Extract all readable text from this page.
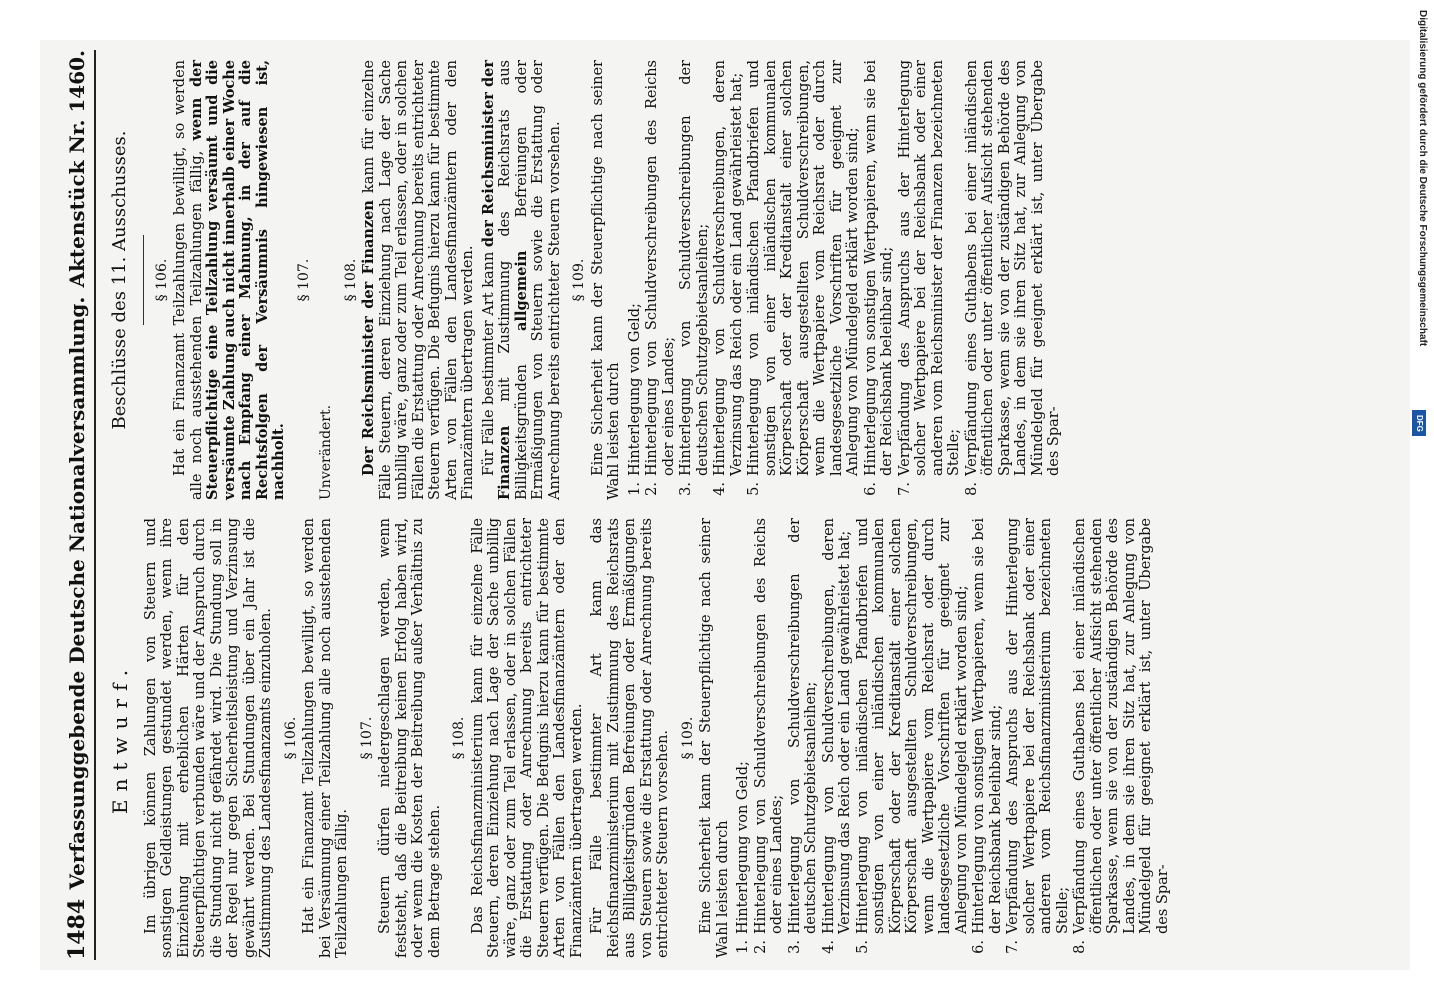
1484
Verfassunggebende Deutsche Nationalversammlung.
Aktenstück Nr. 1460.
Entwurf. Im übrigen können Zahlungen von Steuern und sonstigen Geldleistungen gestundet werden, wenn ihre Einziehung mit erheblichen Härten für den Steuerpflichtigen verbunden wäre und der Anspruch durch die Stundung nicht gefährdet wird. Die Stundung soll in der Regel nur gegen Sicherheitsleistung und Verzinsung gewährt werden. Bei Stundungen über ein Jahr ist die Zustimmung des Landesfinanzamts einzuholen. § 106. Hat ein Finanzamt Teilzahlungen bewilligt, so werden bei Versäumung einer Teilzahlung alle noch ausstehenden Teilzahlungen fällig.

§ 107. Steuern dürfen niedergeschlagen werden, wenn feststeht, daß die Beitreibung keinen Erfolg haben wird, oder wenn die Kosten der Beitreibung außer Verhältnis zu dem Betrage stehen.

§ 108. Das Reichsfinanzministerium kann für einzelne Fälle Steuern, deren Einziehung nach Lage der Sache unbillig wäre, ganz oder zum Teil erlassen, oder in solchen Fällen die Erstattung oder Anrechnung bereits entrichteter Steuern verfügen. Die Befugnis hierzu kann für bestimmte Arten von Fällen den Landesfinanzämtern oder den Finanzämtern übertragen werden. Für Fälle bestimmter Art kann das Reichsfinanzministerium mit Zustimmung des Reichsrats aus Billigkeitsgründen Befreiungen oder Ermäßigungen von Steuern sowie die Erstattung oder Anrechnung bereits entrichteter Steuern vorsehen. § 109. Eine Sicherheit kann der Steuerpflichtige nach seiner Wahl leisten durch 1.
Hinterlegung von Geld;
2.
Hinterlegung von Schuldverschreibungen des Reichs oder eines Landes;
3.
Hinterlegung von Schuldverschreibungen der deutschen Schutzgebietsanleihen;
4.
Hinterlegung von Schuldverschreibungen, deren Verzinsung das Reich oder ein Land gewährleistet hat;
5.
Hinterlegung von inländischen Pfandbriefen und sonstigen von einer inländischen kommunalen Körperschaft oder der Kreditanstalt einer solchen Körperschaft ausgestellten Schuldverschreibungen, wenn die Wertpapiere vom Reichsrat oder durch landesgesetzliche Vorschriften für geeignet zur Anlegung von Mündelgeld erklärt worden sind;
6.
Hinterlegung von sonstigen Wertpapieren, wenn sie bei der Reichsbank beleihbar sind;
7.
Verpfändung des Anspruchs aus der Hinterlegung solcher Wertpapiere bei der Reichsbank oder einer anderen vom Reichsfinanzministerium bezeichneten Stelle;
8.
Verpfändung eines Guthabens bei einer inländischen öffentlichen oder unter öffentlicher Aufsicht stehenden Sparkasse, wenn sie von der zuständigen Behörde des Landes, in dem sie ihren Sitz hat, zur Anlegung von Mündelgeld für geeignet erklärt ist, unter Übergabe des Spar-
Beschlüsse des 11. Ausschusses. § 106. Hat ein Finanzamt Teilzahlungen bewilligt, so werden alle noch ausstehenden Teilzahlungen fällig, wenn der Steuerpflichtige eine Teilzahlung versäumt und die versäumte Zahlung auch nicht innerhalb einer Woche nach Empfang einer Mahnung, in der auf die Rechtsfolgen der Versäumnis hingewiesen ist, nachholt.

§ 107.

Unverändert.

§ 108. Der Reichsminister der Finanzen kann für einzelne Fälle Steuern, deren Einziehung nach Lage der Sache unbillig wäre, ganz oder zum Teil erlassen, oder in solchen Fällen die Erstattung oder Anrechnung bereits entrichteter Steuern verfügen. Die Befugnis hierzu kann für bestimmte Arten von Fällen den Landesfinanzämtern oder den Finanzämtern übertragen werden. Für Fälle bestimmter Art kann der Reichsminister der Finanzen mit Zustimmung des Reichsrats aus Billigkeitsgründen allgemein Befreiungen oder Ermäßigungen von Steuern sowie die Erstattung oder Anrechnung bereits entrichteter Steuern vorsehen. § 109. Eine Sicherheit kann der Steuerpflichtige nach seiner Wahl leisten durch 1.
Hinterlegung von Geld;
2.
Hinterlegung von Schuldverschreibungen des Reichs oder eines Landes;
3.
Hinterlegung von Schuldverschreibungen der deutschen Schutzgebietsanleihen;
4.
Hinterlegung von Schuldverschreibungen, deren Verzinsung das Reich oder ein Land gewährleistet hat;
5.
Hinterlegung von inländischen Pfandbriefen und sonstigen von einer inländischen kommunalen Körperschaft oder der Kreditanstalt einer solchen Körperschaft ausgestellten Schuldverschreibungen, wenn die Wertpapiere vom Reichsrat oder durch landesgesetzliche Vorschriften für geeignet zur Anlegung von Mündelgeld erklärt worden sind;
6.
Hinterlegung von sonstigen Wertpapieren, wenn sie bei der Reichsbank beleihbar sind;
7.
Verpfändung des Anspruchs aus der Hinterlegung solcher Wertpapiere bei der Reichsbank oder einer anderen vom Reichsminister der Finanzen bezeichneten Stelle;
8.
Verpfändung eines Guthabens bei einer inländischen öffentlichen oder unter öffentlicher Aufsicht stehenden Sparkasse, wenn sie von der zuständigen Behörde des Landes, in dem sie ihren Sitz hat, zur Anlegung von Mündelgeld für geeignet erklärt ist, unter Übergabe des Spar-
Digitalisierung gefördert durch die Deutsche Forschungsgemeinschaft
DFG
